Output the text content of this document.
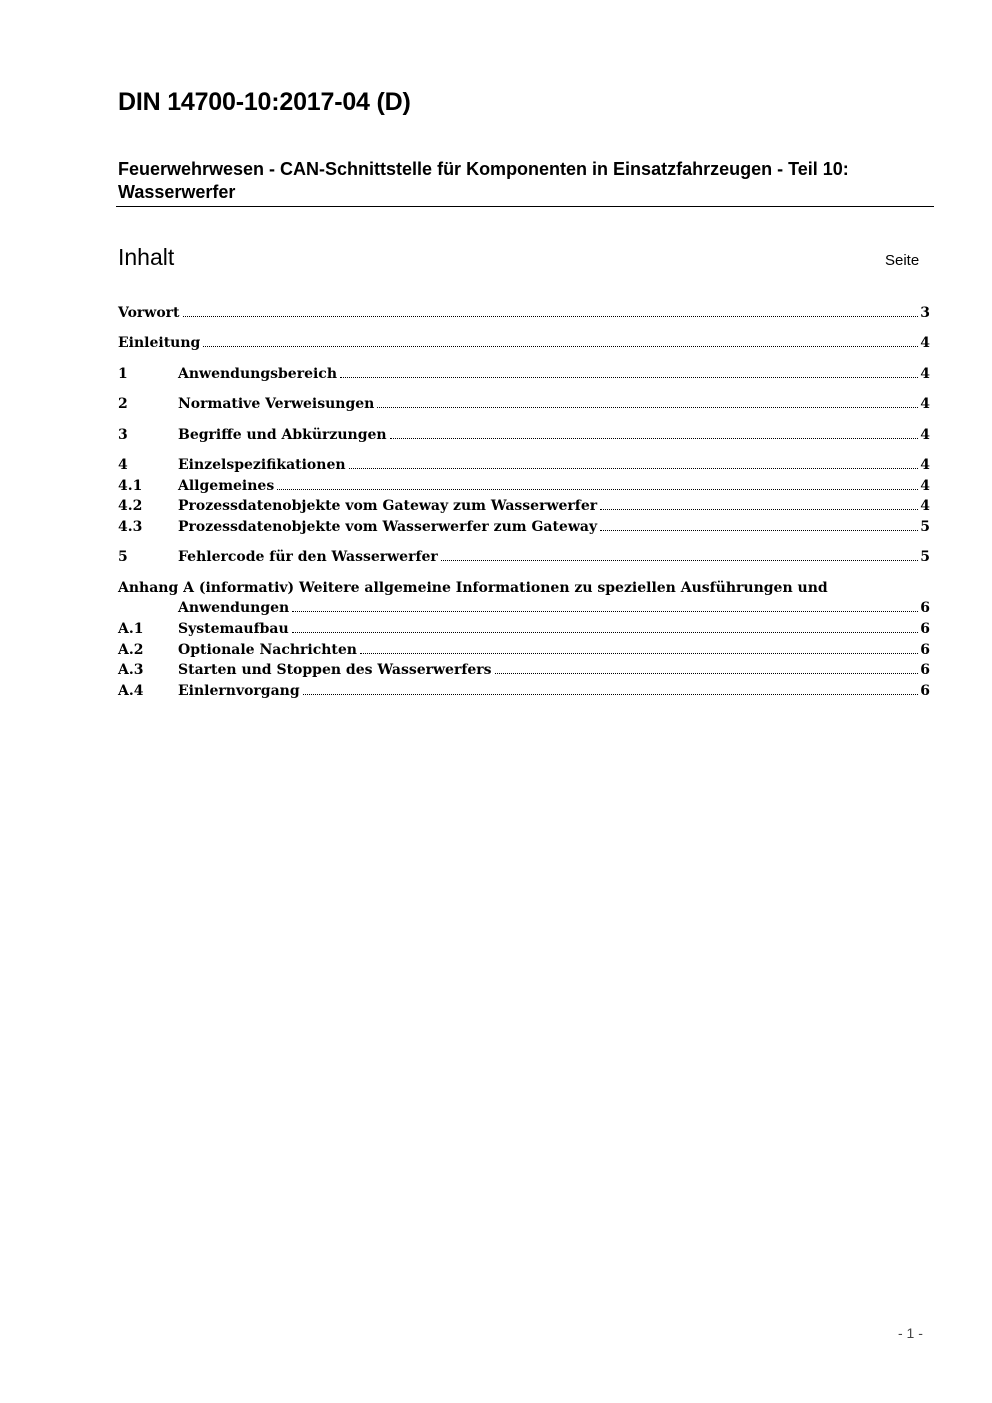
DIN 14700-10:2017-04 (D)
Feuerwehrwesen - CAN-Schnittstelle für Komponenten in Einsatzfahrzeugen - Teil 10: Wasserwerfer
Inhalt	Seite
Vorwort	3
Einleitung	4
1	Anwendungsbereich	4
2	Normative Verweisungen	4
3	Begriffe und Abkürzungen	4
4	Einzelspezifikationen	4
4.1	Allgemeines	4
4.2	Prozessdatenobjekte vom Gateway zum Wasserwerfer	4
4.3	Prozessdatenobjekte vom Wasserwerfer zum Gateway	5
5	Fehlercode für den Wasserwerfer	5
Anhang A (informativ) Weitere allgemeine Informationen zu speziellen Ausführungen und
Anwendungen	6
A.1	Systemaufbau	6
A.2	Optionale Nachrichten	6
A.3	Starten und Stoppen des Wasserwerfers	6
A.4	Einlernvorgang	6
- 1 -
